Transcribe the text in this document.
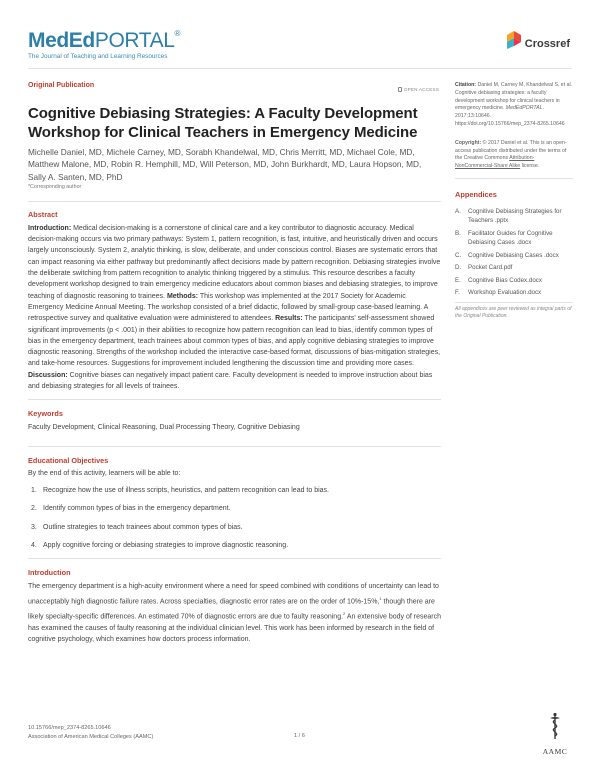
MedEdPORTAL®
The Journal of Teaching and Learning Resources
Crossref
Original Publication
OPEN ACCESS
Cognitive Debiasing Strategies: A Faculty Development Workshop for Clinical Teachers in Emergency Medicine
Michelle Daniel, MD, Michele Carney, MD, Sorabh Khandelwal, MD, Chris Merritt, MD, Michael Cole, MD, Matthew Malone, MD, Robin R. Hemphill, MD, Will Peterson, MD, John Burkhardt, MD, Laura Hopson, MD, Sally A. Santen, MD, PhD
*Corresponding author
Abstract
Introduction: Medical decision-making is a cornerstone of clinical care and a key contributor to diagnostic accuracy. Medical decision-making occurs via two primary pathways: System 1, pattern recognition, is fast, intuitive, and heuristically driven and occurs largely unconsciously. System 2, analytic thinking, is slow, deliberate, and under conscious control. Biases are systematic errors that can impact reasoning via either pathway but predominantly affect decisions made by pattern recognition. Debiasing strategies involve the deliberate switching from pattern recognition to analytic thinking triggered by a stimulus. This resource describes a faculty development workshop designed to train emergency medicine educators about common biases and debiasing strategies, to improve teaching of diagnostic reasoning to trainees. Methods: This workshop was implemented at the 2017 Society for Academic Emergency Medicine Annual Meeting. The workshop consisted of a brief didactic, followed by small-group case-based learning. A retrospective survey and qualitative evaluation were administered to attendees. Results: The participants' self-assessment showed significant improvements (p < .001) in their abilities to recognize how pattern recognition can lead to bias, identify common types of bias in the emergency department, teach trainees about common types of bias, and apply cognitive debiasing strategies to improve diagnostic reasoning. Strengths of the workshop included the interactive case-based format, discussions of bias-mitigation strategies, and take-home resources. Suggestions for improvement included lengthening the discussion time and providing more cases. Discussion: Cognitive biases can negatively impact patient care. Faculty development is needed to improve instruction about bias and debiasing strategies for all levels of trainees.
Keywords
Faculty Development, Clinical Reasoning, Dual Processing Theory, Cognitive Debiasing
Educational Objectives
By the end of this activity, learners will be able to:
1. Recognize how the use of illness scripts, heuristics, and pattern recognition can lead to bias.
2. Identify common types of bias in the emergency department.
3. Outline strategies to teach trainees about common types of bias.
4. Apply cognitive forcing or debiasing strategies to improve diagnostic reasoning.
Introduction
The emergency department is a high-acuity environment where a need for speed combined with conditions of uncertainty can lead to unacceptably high diagnostic failure rates. Across specialties, diagnostic error rates are on the order of 10%-15%,$^1$ though there are likely specialty-specific differences. An estimated 70% of diagnostic errors are due to faulty reasoning.$^2$ An extensive body of research has examined the causes of faulty reasoning at the individual clinician level. This work has been informed by research in the field of cognitive psychology, which examines how doctors process information.
Citation: Daniel M, Carney M, Khandelwal S, et al. Cognitive debiasing strategies: a faculty development workshop for clinical teachers in emergency medicine. MedEdPORTAL. 2017;13:10646. https://doi.org/10.15766/mep_2374-8265.10646
Copyright: © 2017 Daniel et al. This is an open-access publication distributed under the terms of the Creative Commons Attribution-NonCommercial-Share Alike license.
Appendices
A.	Cognitive Debiasing Strategies for Teachers .pptx
B.	Facilitator Guides for Cognitive Debiasing Cases .docx
C.	Cognitive Debiasing Cases .docx
D.	Pocket Card.pdf
E.	Cognitive Bias Codex.docx
F.	Workshop Evaluation.docx
All appendices are peer reviewed as integral parts of the Original Publication.
10.15766/mep_2374-8265.10646
Association of American Medical Colleges (AAMC)	1 / 6
AAMC
